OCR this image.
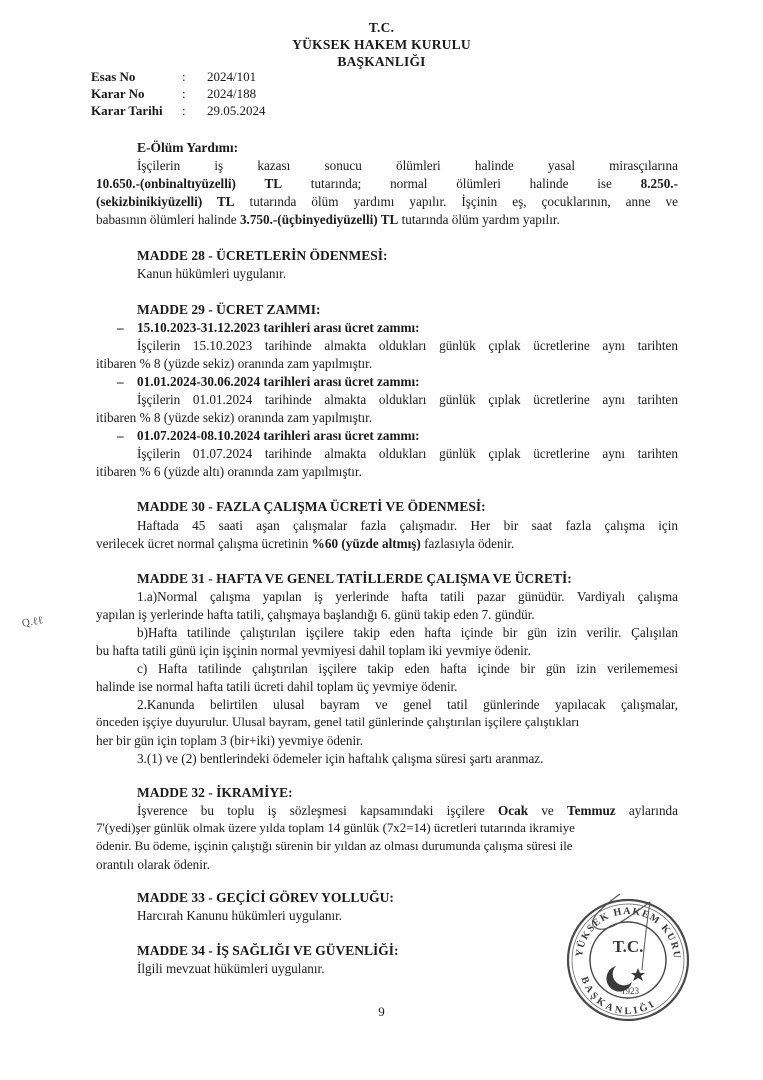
T.C.
YÜKSEK HAKEM KURULU
BAŞKANLIĞI
Esas No	: 2024/101
Karar No	: 2024/188
Karar Tarihi : 29.05.2024
E-Ölüm Yardımı:
İşçilerin iş kazası sonucu ölümleri halinde yasal mirasçılarına
10.650.-(onbinaltıyüzelli) TL tutarında; normal ölümleri halinde ise 8.250.-
(sekizbinikiyüzelli) TL tutarında ölüm yardımı yapılır. İşçinin eş, çocuklarının, anne ve
babasının ölümleri halinde 3.750.-(üçbinyediyüzelli) TL tutarında ölüm yardım yapılır.
MADDE 28 - ÜCRETLERİN ÖDENMESİ:
Kanun hükümleri uygulanır.
MADDE 29 - ÜCRET ZAMMI:
–	15.10.2023-31.12.2023 tarihleri arası ücret zammı:
İşçilerin 15.10.2023 tarihinde almakta oldukları günlük çıplak ücretlerine aynı tarihten
itibaren % 8 (yüzde sekiz) oranında zam yapılmıştır.
–	01.01.2024-30.06.2024 tarihleri arası ücret zammı:
İşçilerin 01.01.2024 tarihinde almakta oldukları günlük çıplak ücretlerine aynı tarihten
itibaren % 8 (yüzde sekiz) oranında zam yapılmıştır.
–	01.07.2024-08.10.2024 tarihleri arası ücret zammı:
İşçilerin 01.07.2024 tarihinde almakta oldukları günlük çıplak ücretlerine aynı tarihten
itibaren % 6 (yüzde altı) oranında zam yapılmıştır.
MADDE 30 - FAZLA ÇALIŞMA ÜCRETİ VE ÖDENMESİ:
Haftada 45 saati aşan çalışmalar fazla çalışmadır. Her bir saat fazla çalışma için
verilecek ücret normal çalışma ücretinin %60 (yüzde altmış) fazlasıyla ödenir.
MADDE 31 - HAFTA VE GENEL TATİLLERDE ÇALIŞMA VE ÜCRETİ:
1.a)Normal çalışma yapılan iş yerlerinde hafta tatili pazar günüdür. Vardiyalı çalışma
yapılan iş yerlerinde hafta tatili, çalışmaya başlandığı 6. günü takip eden 7. gündür.
b)Hafta tatilinde çalıştırılan işçilere takip eden hafta içinde bir gün izin verilir. Çalışılan
bu hafta tatili günü için işçinin normal yevmiyesi dahil toplam iki yevmiye ödenir.
c) Hafta tatilinde çalıştırılan işçilere takip eden hafta içinde bir gün izin verilememesi
halinde ise normal hafta tatili ücreti dahil toplam üç yevmiye ödenir.
2.Kanunda belirtilen ulusal bayram ve genel tatil günlerinde yapılacak çalışmalar,
önceden işçiye duyurulur. Ulusal bayram, genel tatil günlerinde çalıştırılan işçilere çalıştıkları
her bir gün için toplam 3 (bir+iki) yevmiye ödenir.
3.(1) ve (2) bentlerindeki ödemeler için haftalık çalışma süresi şartı aranmaz.
MADDE 32 - İKRAMİYE:
İşverence bu toplu iş sözleşmesi kapsamındaki işçilere Ocak ve Temmuz aylarında
7'(yedi)şer günlük olmak üzere yılda toplam 14 günlük (7x2=14) ücretleri tutarında ikramiye
ödenir. Bu ödeme, işçinin çalıştığı sürenin bir yıldan az olması durumunda çalışma süresi ile
orantılı olarak ödenir.
MADDE 33 - GEÇİCİ GÖREV YOLLUĞU:
Harcırah Kanunu hükümleri uygulanır.
MADDE 34 - İŞ SAĞLIĞI VE GÜVENLİĞİ:
İlgili mevzuat hükümleri uygulanır.
Q.ℓℓ
9
YÜKSEK HAKEM KURU
BAŞKANLIĞI
T.C.
1923
